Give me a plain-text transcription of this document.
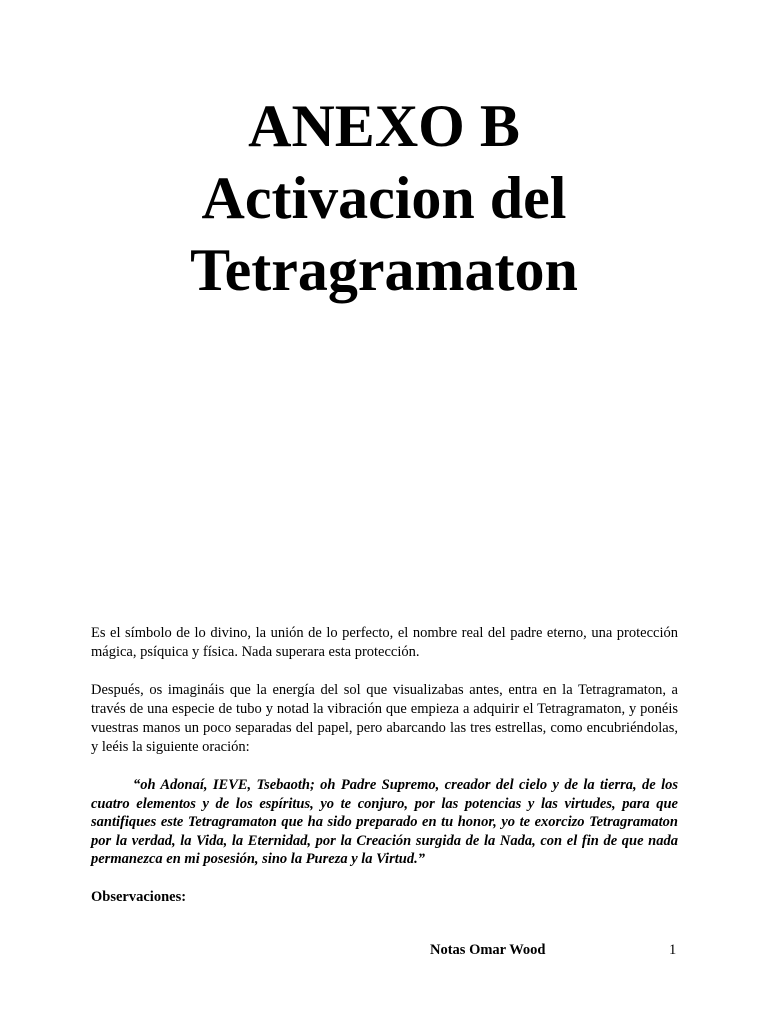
ANEXO B
Activacion del
Tetragramaton

Es el símbolo de lo divino, la unión de lo perfecto, el nombre real del padre eterno, una protección mágica, psíquica y física. Nada superara esta protección.

Después, os imagináis que la energía del sol que visualizabas antes, entra en la Tetragramaton, a través de una especie de tubo y notad la vibración que empieza a adquirir el Tetragramaton, y ponéis vuestras manos un poco separadas del papel, pero abarcando las tres estrellas, como encubriéndolas, y leéis la siguiente oración:

“oh Adonaí, IEVE, Tsebaoth; oh Padre Supremo, creador del cielo y de la tierra, de los cuatro elementos y de los espíritus, yo te conjuro, por las potencias y las virtudes, para que santifiques este Tetragramaton que ha sido preparado en tu honor, yo te exorcizo Tetragramaton por la verdad, la Vida, la Eternidad, por la Creación surgida de la Nada, con el fin de que nada permanezca en mi posesión, sino la Pureza y la Virtud.”

Observaciones:

Notas Omar Wood	1
